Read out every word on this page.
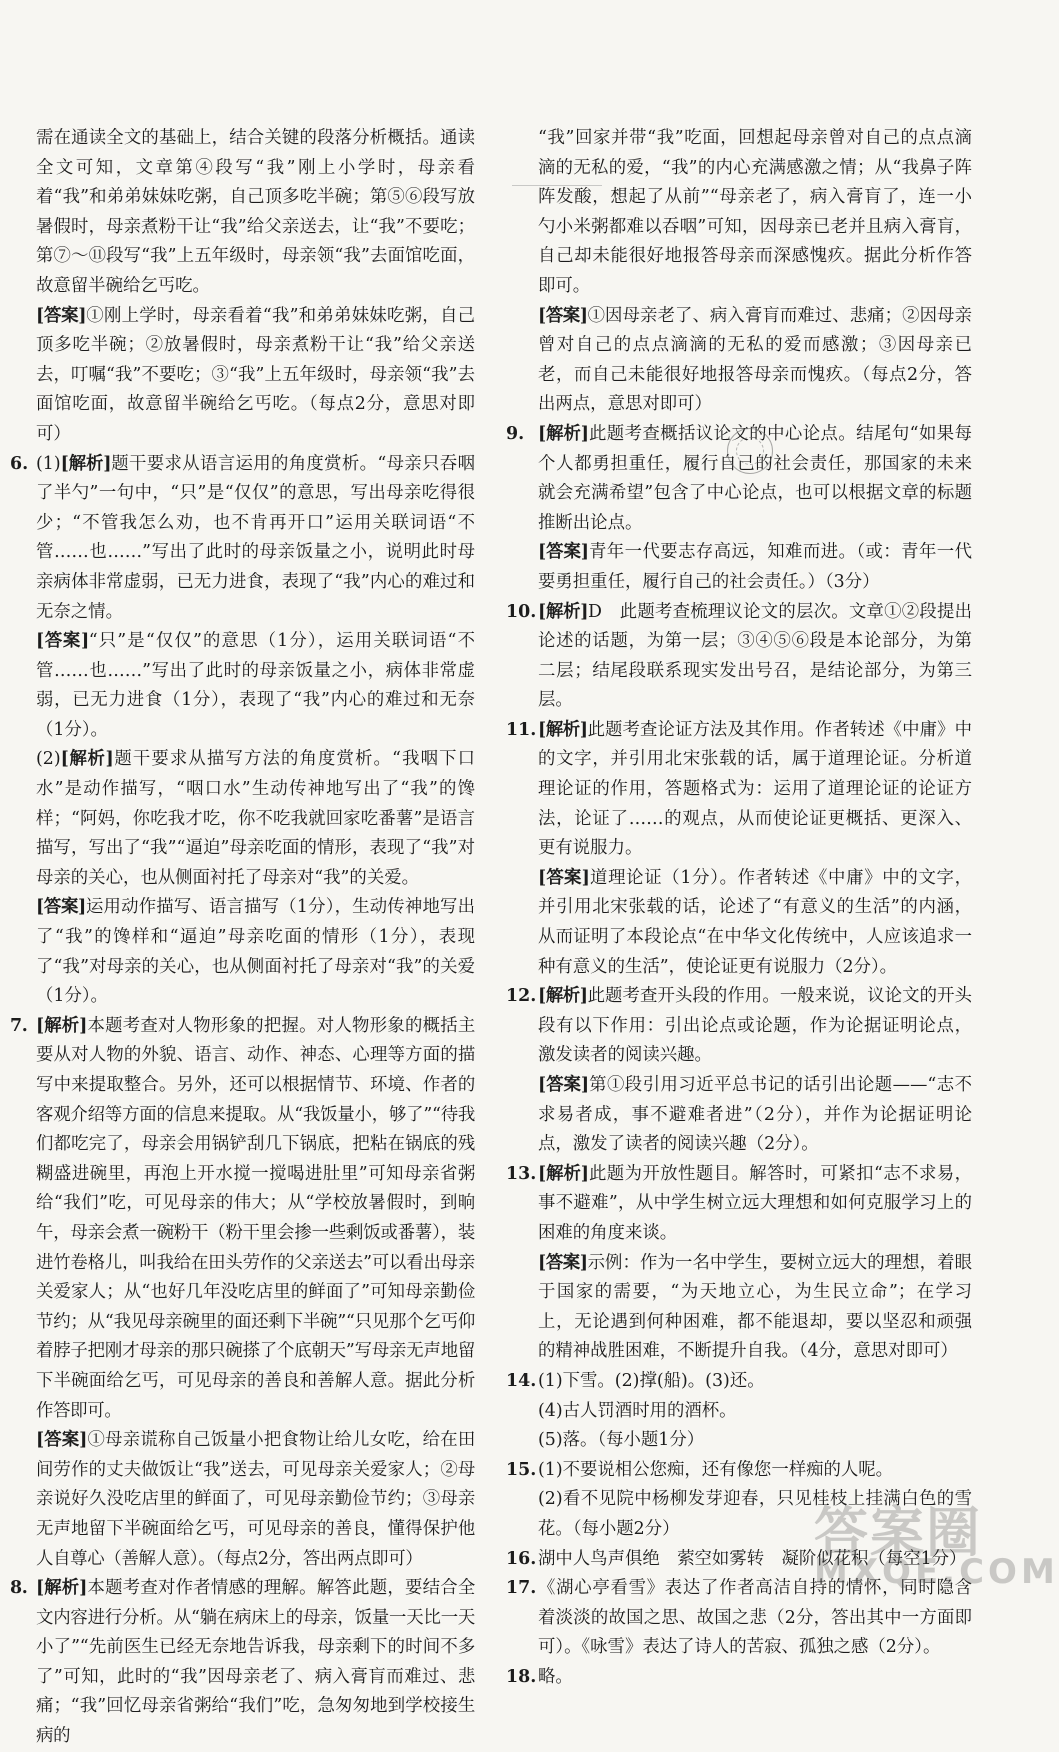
需在通读全文的基础上，结合关键的段落分析概括。通读全文可知，文章第④段写“我”刚上小学时，母亲看着“我”和弟弟妹妹吃粥，自己顶多吃半碗；第⑤⑥段写放暑假时，母亲煮粉干让“我”给父亲送去，让“我”不要吃；第⑦～⑪段写“我”上五年级时，母亲领“我”去面馆吃面，故意留半碗给乞丐吃。

[答案]①刚上学时，母亲看着“我”和弟弟妹妹吃粥，自己顶多吃半碗；②放暑假时，母亲煮粉干让“我”给父亲送去，叮嘱“我”不要吃；③“我”上五年级时，母亲领“我”去面馆吃面，故意留半碗给乞丐吃。（每点2分，意思对即可）

6. (1)[解析]题干要求从语言运用的角度赏析。“母亲只吞咽了半勺”一句中，“只”是“仅仅”的意思，写出母亲吃得很少；“不管我怎么劝，也不肯再开口”运用关联词语“不管……也……”写出了此时的母亲饭量之小，说明此时母亲病体非常虚弱，已无力进食，表现了“我”内心的难过和无奈之情。

[答案]“只”是“仅仅”的意思（1分），运用关联词语“不管……也……”写出了此时的母亲饭量之小，病体非常虚弱，已无力进食（1分），表现了“我”内心的难过和无奈（1分）。

(2)[解析]题干要求从描写方法的角度赏析。“我咽下口水”是动作描写，“咽口水”生动传神地写出了“我”的馋样；“阿妈，你吃我才吃，你不吃我就回家吃番薯”是语言描写，写出了“我”“逼迫”母亲吃面的情形，表现了“我”对母亲的关心，也从侧面衬托了母亲对“我”的关爱。

[答案]运用动作描写、语言描写（1分），生动传神地写出了“我”的馋样和“逼迫”母亲吃面的情形（1分），表现了“我”对母亲的关心，也从侧面衬托了母亲对“我”的关爱（1分）。

7. [解析]本题考查对人物形象的把握。对人物形象的概括主要从对人物的外貌、语言、动作、神态、心理等方面的描写中来提取整合。另外，还可以根据情节、环境、作者的客观介绍等方面的信息来提取。从“我饭量小，够了”“待我们都吃完了，母亲会用锅铲刮几下锅底，把粘在锅底的残糊盛进碗里，再泡上开水搅一搅喝进肚里”可知母亲省粥给“我们”吃，可见母亲的伟大；从“学校放暑假时，到晌午，母亲会煮一碗粉干（粉干里会掺一些剩饭或番薯），装进竹卷格儿，叫我给在田头劳作的父亲送去”可以看出母亲关爱家人；从“也好几年没吃店里的鲜面了”可知母亲勤俭节约；从“我见母亲碗里的面还剩下半碗”“只见那个乞丐仰着脖子把刚才母亲的那只碗搽了个底朝天”写母亲无声地留下半碗面给乞丐，可见母亲的善良和善解人意。据此分析作答即可。

[答案]①母亲谎称自己饭量小把食物让给儿女吃，给在田间劳作的丈夫做饭让“我”送去，可见母亲关爱家人；②母亲说好久没吃店里的鲜面了，可见母亲勤俭节约；③母亲无声地留下半碗面给乞丐，可见母亲的善良，懂得保护他人自尊心（善解人意）。（每点2分，答出两点即可）

8. [解析]本题考查对作者情感的理解。解答此题，要结合全文内容进行分析。从“躺在病床上的母亲，饭量一天比一天小了”“先前医生已经无奈地告诉我，母亲剩下的时间不多了”可知，此时的“我”因母亲老了、病入膏肓而难过、悲痛；“我”回忆母亲省粥给“我们”吃，急匆匆地到学校接生病的

“我”回家并带“我”吃面，回想起母亲曾对自己的点点滴滴的无私的爱，“我”的内心充满感激之情；从“我鼻子阵阵发酸，想起了从前”“母亲老了，病入膏肓了，连一小勺小米粥都难以吞咽”可知，因母亲已老并且病入膏肓，自己却未能很好地报答母亲而深感愧疚。据此分析作答即可。

[答案]①因母亲老了、病入膏肓而难过、悲痛；②因母亲曾对自己的点点滴滴的无私的爱而感激；③因母亲已老，而自己未能很好地报答母亲而愧疚。（每点2分，答出两点，意思对即可）

9. [解析]此题考查概括议论文的中心论点。结尾句“如果每个人都勇担重任，履行自己的社会责任，那国家的未来就会充满希望”包含了中心论点，也可以根据文章的标题推断出论点。

[答案]青年一代要志存高远，知难而进。（或：青年一代要勇担重任，履行自己的社会责任。）（3分）

10. [解析]D　此题考查梳理议论文的层次。文章①②段提出论述的话题，为第一层；③④⑤⑥段是本论部分，为第二层；结尾段联系现实发出号召，是结论部分，为第三层。

11. [解析]此题考查论证方法及其作用。作者转述《中庸》中的文字，并引用北宋张载的话，属于道理论证。分析道理论证的作用，答题格式为：运用了道理论证的论证方法，论证了……的观点，从而使论证更概括、更深入、更有说服力。

[答案]道理论证（1分）。作者转述《中庸》中的文字，并引用北宋张载的话，论述了“有意义的生活”的内涵，从而证明了本段论点“在中华文化传统中，人应该追求一种有意义的生活”，使论证更有说服力（2分）。

12. [解析]此题考查开头段的作用。一般来说，议论文的开头段有以下作用：引出论点或论题，作为论据证明论点，激发读者的阅读兴趣。

[答案]第①段引用习近平总书记的话引出论题——“志不求易者成，事不避难者进”（2分），并作为论据证明论点，激发了读者的阅读兴趣（2分）。

13. [解析]此题为开放性题目。解答时，可紧扣“志不求易，事不避难”，从中学生树立远大理想和如何克服学习上的困难的角度来谈。

[答案]示例：作为一名中学生，要树立远大的理想，着眼于国家的需要，“为天地立心，为生民立命”；在学习上，无论遇到何种困难，都不能退却，要以坚忍和顽强的精神战胜困难，不断提升自我。（4分，意思对即可）

14. (1)下雪。(2)撑(船)。(3)还。

(4)古人罚酒时用的酒杯。

(5)落。（每小题1分）

15. (1)不要说相公您痴，还有像您一样痴的人呢。

(2)看不见院中杨柳发芽迎春，只见桂枝上挂满白色的雪花。（每小题2分）

16. 湖中人鸟声俱绝　萦空如雾转　凝阶似花积（每空1分）

17. 《湖心亭看雪》表达了作者高洁自持的情怀，同时隐含着淡淡的故国之思、故国之悲（2分，答出其中一方面即可）。《咏雪》表达了诗人的苦寂、孤独之感（2分）。

18. 略。

答案圈
MXQE.COM
